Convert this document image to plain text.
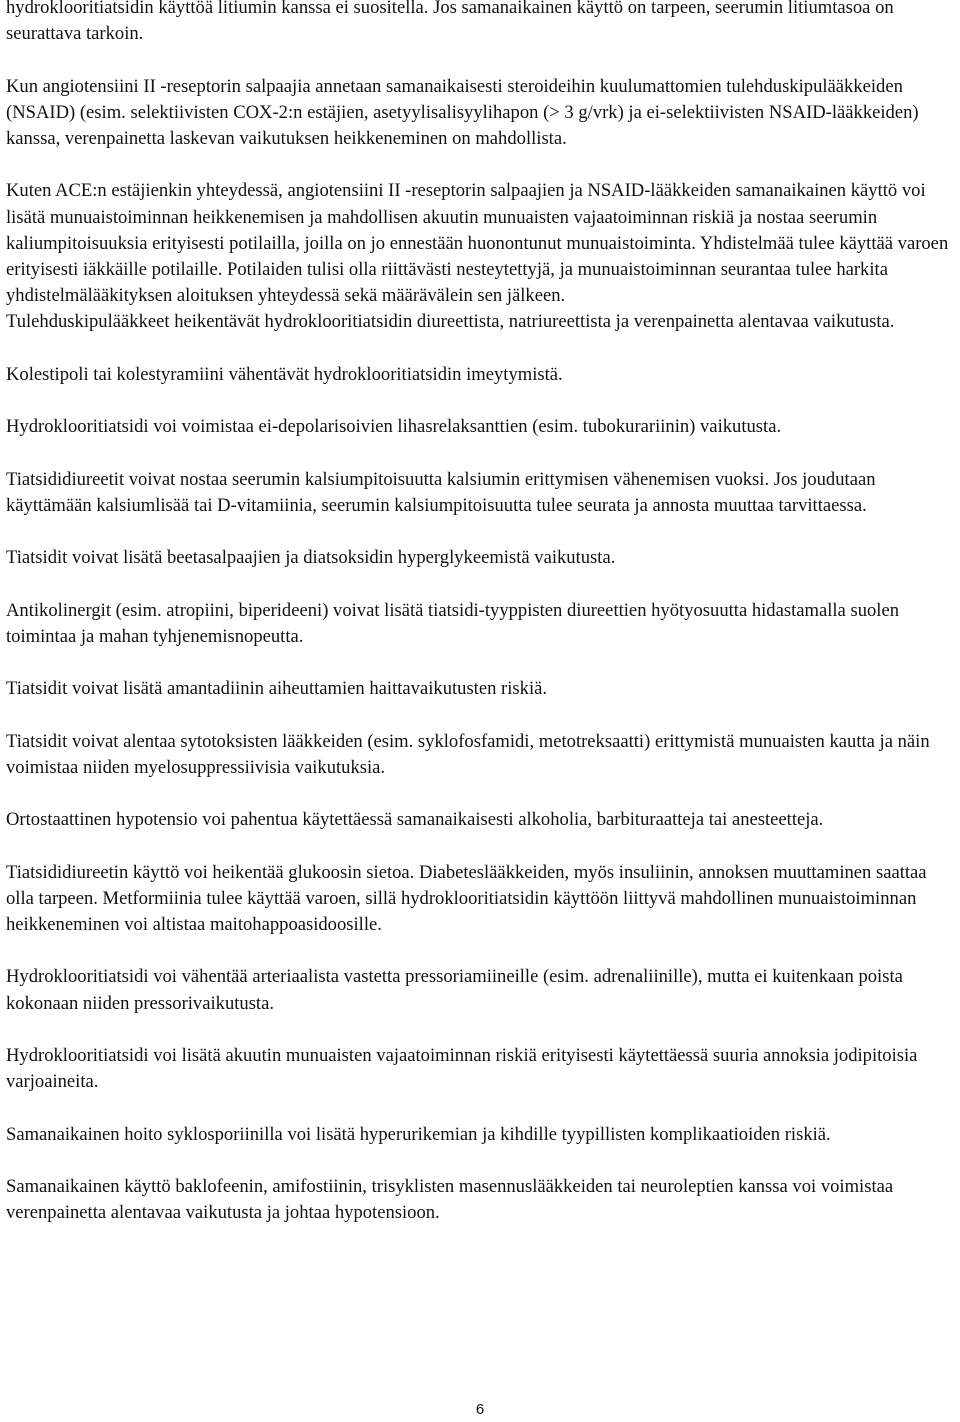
hydroklooritiatsidin käyttöä litiumin kanssa ei suositella. Jos samanaikainen käyttö on tarpeen, seerumin litiumtasoa on seurattava tarkoin.

Kun angiotensiini II -reseptorin salpaajia annetaan samanaikaisesti steroideihin kuulumattomien tulehduskipulääkkeiden (NSAID) (esim. selektiivisten COX-2:n estäjien, asetyylisalisyylihapon (> 3 g/vrk) ja ei-selektiivisten NSAID-lääkkeiden) kanssa, verenpainetta laskevan vaikutuksen heikkeneminen on mahdollista.

Kuten ACE:n estäjienkin yhteydessä, angiotensiini II -reseptorin salpaajien ja NSAID-lääkkeiden samanaikainen käyttö voi lisätä munuaistoiminnan heikkenemisen ja mahdollisen akuutin munuaisten vajaatoiminnan riskiä ja nostaa seerumin kaliumpitoisuuksia erityisesti potilailla, joilla on jo ennestään huonontunut munuaistoiminta. Yhdistelmää tulee käyttää varoen erityisesti iäkkäille potilaille. Potilaiden tulisi olla riittävästi nesteytettyjä, ja munuaistoiminnan seurantaa tulee harkita yhdistelmälääkityksen aloituksen yhteydessä sekä määrävälein sen jälkeen.

Tulehduskipulääkkeet heikentävät hydroklooritiatsidin diureettista, natriureettista ja verenpainetta alentavaa vaikutusta.

Kolestipoli tai kolestyramiini vähentävät hydroklooritiatsidin imeytymistä.

Hydroklooritiatsidi voi voimistaa ei-depolarisoivien lihasrelaksanttien (esim. tubokurariinin) vaikutusta.

Tiatsididiureetit voivat nostaa seerumin kalsiumpitoisuutta kalsiumin erittymisen vähenemisen vuoksi. Jos joudutaan käyttämään kalsiumlisää tai D-vitamiinia, seerumin kalsiumpitoisuutta tulee seurata ja annosta muuttaa tarvittaessa.

Tiatsidit voivat lisätä beetasalpaajien ja diatsoksidin hyperglykeemistä vaikutusta.

Antikolinergit (esim. atropiini, biperideeni) voivat lisätä tiatsidi-tyyppisten diureettien hyötyosuutta hidastamalla suolen toimintaa ja mahan tyhjenemisnopeutta.

Tiatsidit voivat lisätä amantadiinin aiheuttamien haittavaikutusten riskiä.

Tiatsidit voivat alentaa sytotoksisten lääkkeiden (esim. syklofosfamidi, metotreksaatti) erittymistä munuaisten kautta ja näin voimistaa niiden myelosuppressiivisia vaikutuksia.

Ortostaattinen hypotensio voi pahentua käytettäessä samanaikaisesti alkoholia, barbituraatteja tai anesteetteja.

Tiatsididiureetin käyttö voi heikentää glukoosin sietoa. Diabeteslääkkeiden, myös insuliinin, annoksen muuttaminen saattaa olla tarpeen. Metformiinia tulee käyttää varoen, sillä hydroklooritiatsidin käyttöön liittyvä mahdollinen munuaistoiminnan heikkeneminen voi altistaa maitohappoasidoosille.

Hydroklooritiatsidi voi vähentää arteriaalista vastetta pressoriamiineille (esim. adrenaliinille), mutta ei kuitenkaan poista kokonaan niiden pressorivaikutusta.

Hydroklooritiatsidi voi lisätä akuutin munuaisten vajaatoiminnan riskiä erityisesti käytettäessä suuria annoksia jodipitoisia varjoaineita.

Samanaikainen hoito syklosporiinilla voi lisätä hyperurikemian ja kihdille tyypillisten komplikaatioiden riskiä.

Samanaikainen käyttö baklofeenin, amifostiinin, trisyklisten masennuslääkkeiden tai neuroleptien kanssa voi voimistaa verenpainetta alentavaa vaikutusta ja johtaa hypotensioon.

6
